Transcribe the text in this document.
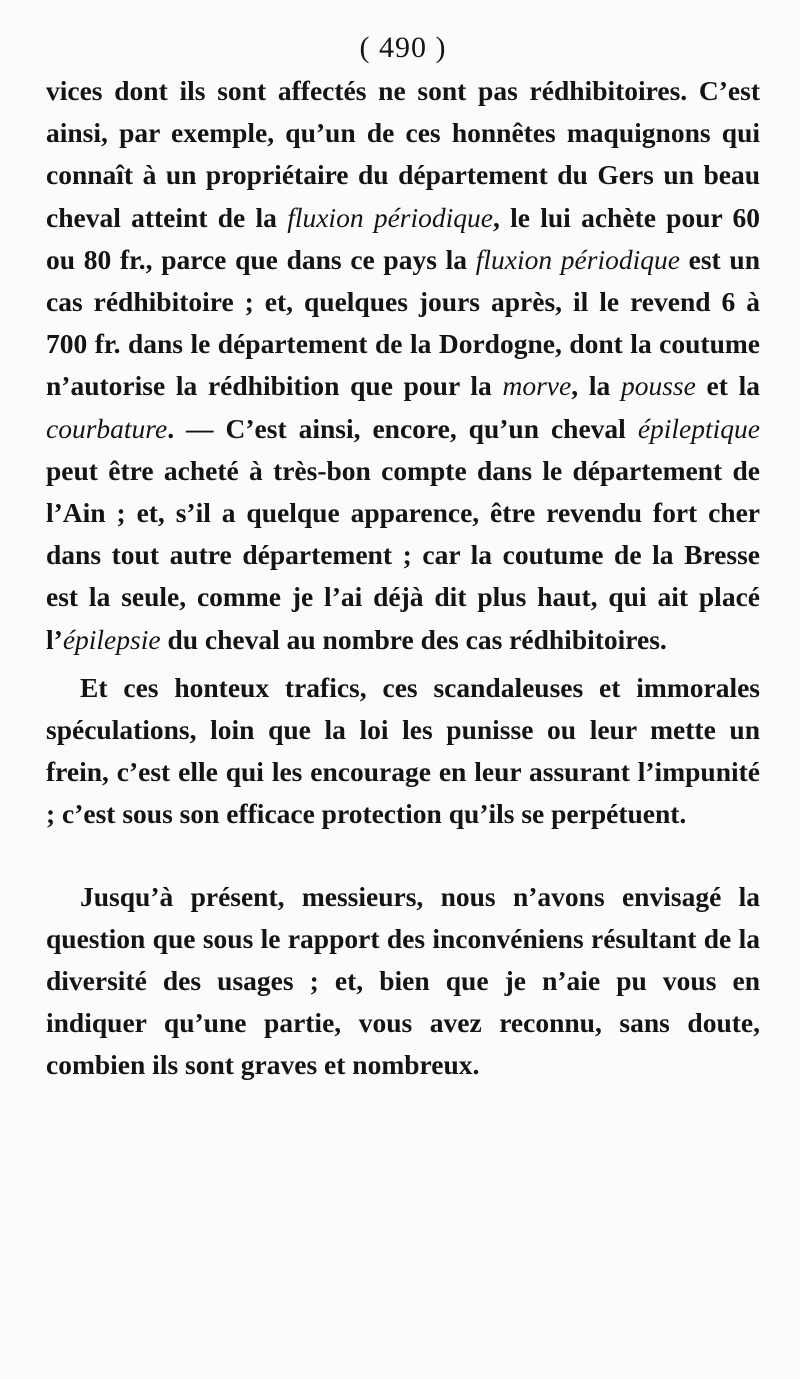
( 490 )

vices dont ils sont affectés ne sont pas rédhibitoires. C’est ainsi, par exemple, qu’un de ces honnêtes maquignons qui connaît à un propriétaire du département du Gers un beau cheval atteint de la fluxion périodique, le lui achète pour 60 ou 80 fr., parce que dans ce pays la fluxion périodique est un cas rédhibitoire ; et, quelques jours après, il le revend 6 à 700 fr. dans le département de la Dordogne, dont la coutume n’autorise la rédhibition que pour la morve, la pousse et la courbature. — C’est ainsi, encore, qu’un cheval épileptique peut être acheté à très-bon compte dans le département de l’Ain ; et, s’il a quelque apparence, être revendu fort cher dans tout autre département ; car la coutume de la Bresse est la seule, comme je l’ai déjà dit plus haut, qui ait placé l’épilepsie du cheval au nombre des cas rédhibitoires.

Et ces honteux trafics, ces scandaleuses et immorales spéculations, loin que la loi les punisse ou leur mette un frein, c’est elle qui les encourage en leur assurant l’impunité ; c’est sous son efficace protection qu’ils se perpétuent.

Jusqu’à présent, messieurs, nous n’avons envisagé la question que sous le rapport des inconvéniens résultant de la diversité des usages ; et, bien que je n’aie pu vous en indiquer qu’une partie, vous avez reconnu, sans doute, combien ils sont graves et nombreux.
